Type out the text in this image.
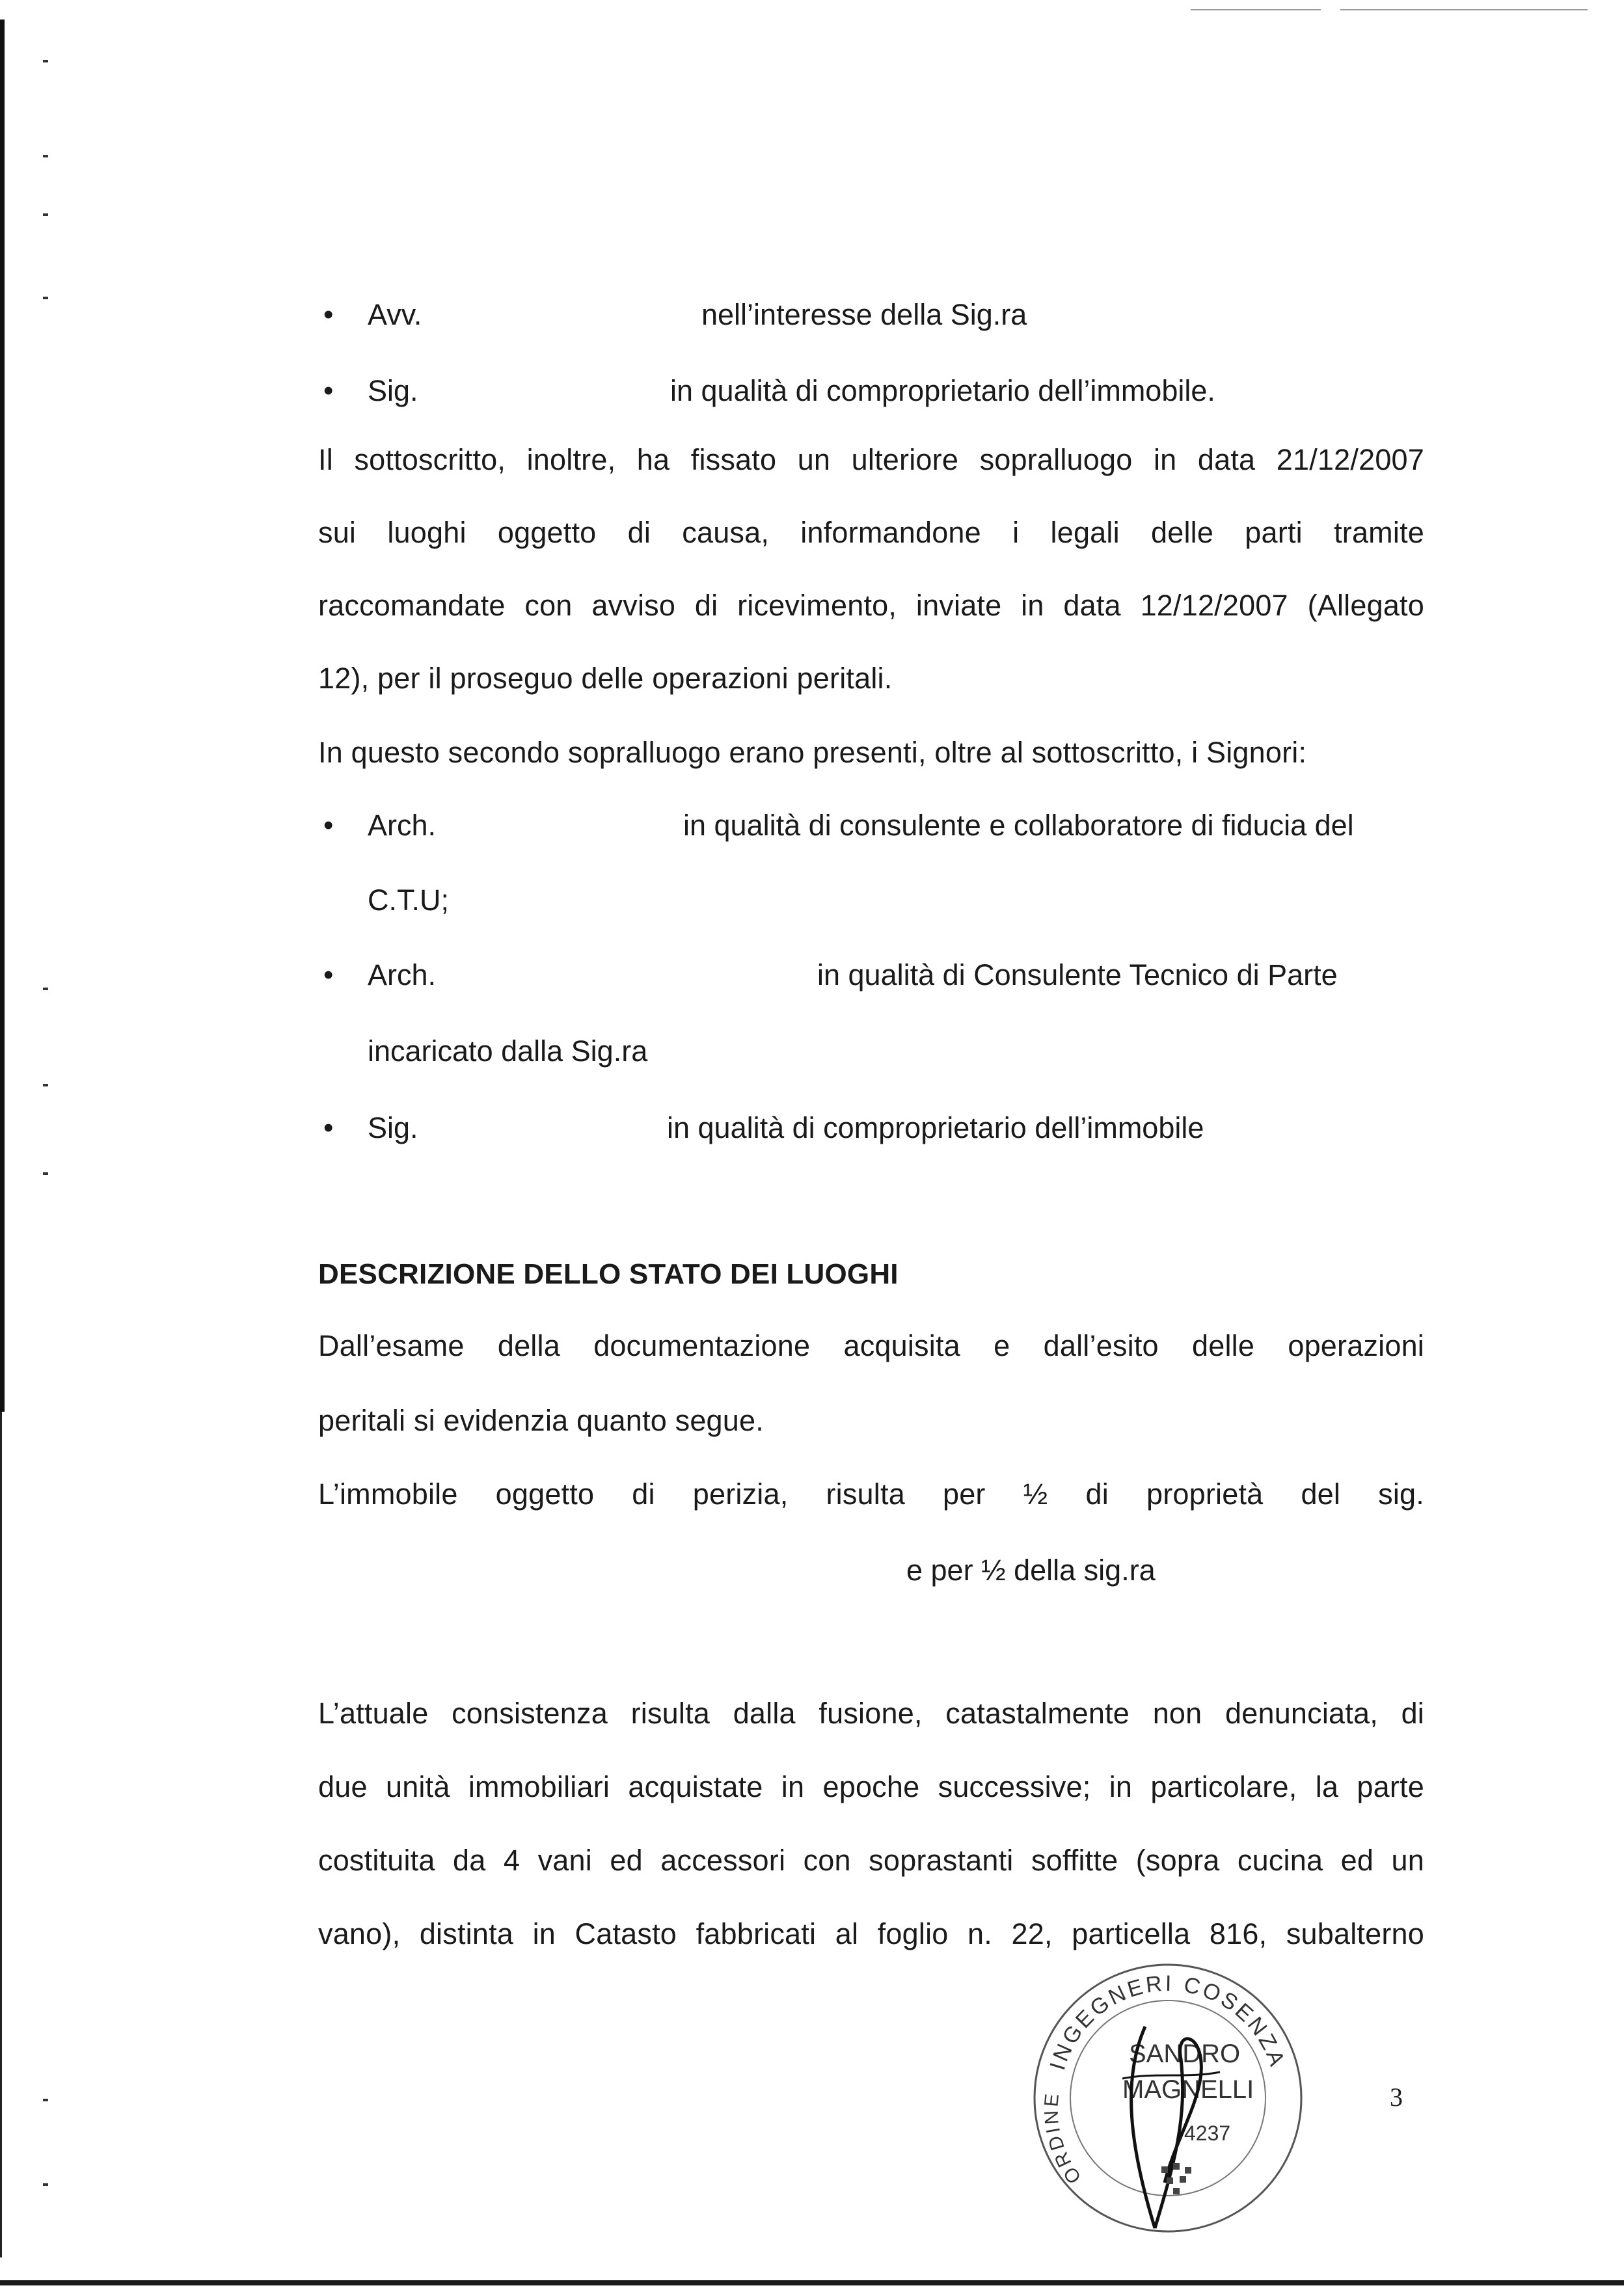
• Avv.	nell’interesse della Sig.ra
• Sig.	in qualità di comproprietario dell’immobile.
Il sottoscritto, inoltre, ha fissato un ulteriore sopralluogo in data 21/12/2007
sui luoghi oggetto di causa, informandone i legali delle parti tramite
raccomandate con avviso di ricevimento, inviate in data 12/12/2007 (Allegato
12), per il proseguo delle operazioni peritali.
In questo secondo sopralluogo erano presenti, oltre al sottoscritto, i Signori:
• Arch.	in qualità di consulente e collaboratore di fiducia del
C.T.U;
• Arch.	in qualità di Consulente Tecnico di Parte
incaricato dalla Sig.ra
• Sig.	in qualità di comproprietario dell’immobile
DESCRIZIONE DELLO STATO DEI LUOGHI
Dall’esame della documentazione acquisita e dall’esito delle operazioni
peritali si evidenzia quanto segue.
L’immobile oggetto di perizia, risulta per ½ di proprietà del sig.
e per ½ della sig.ra
L’attuale consistenza risulta dalla fusione, catastalmente non denunciata, di
due unità immobiliari acquistate in epoche successive; in particolare, la parte
costituita da 4 vani ed accessori con soprastanti soffitte (sopra cucina ed un
vano), distinta in Catasto fabbricati al foglio n. 22, particella 816, subalterno
INGEGNERI COSENZA
ORDINE
SANDRO
MAGNELLI
4237
3
